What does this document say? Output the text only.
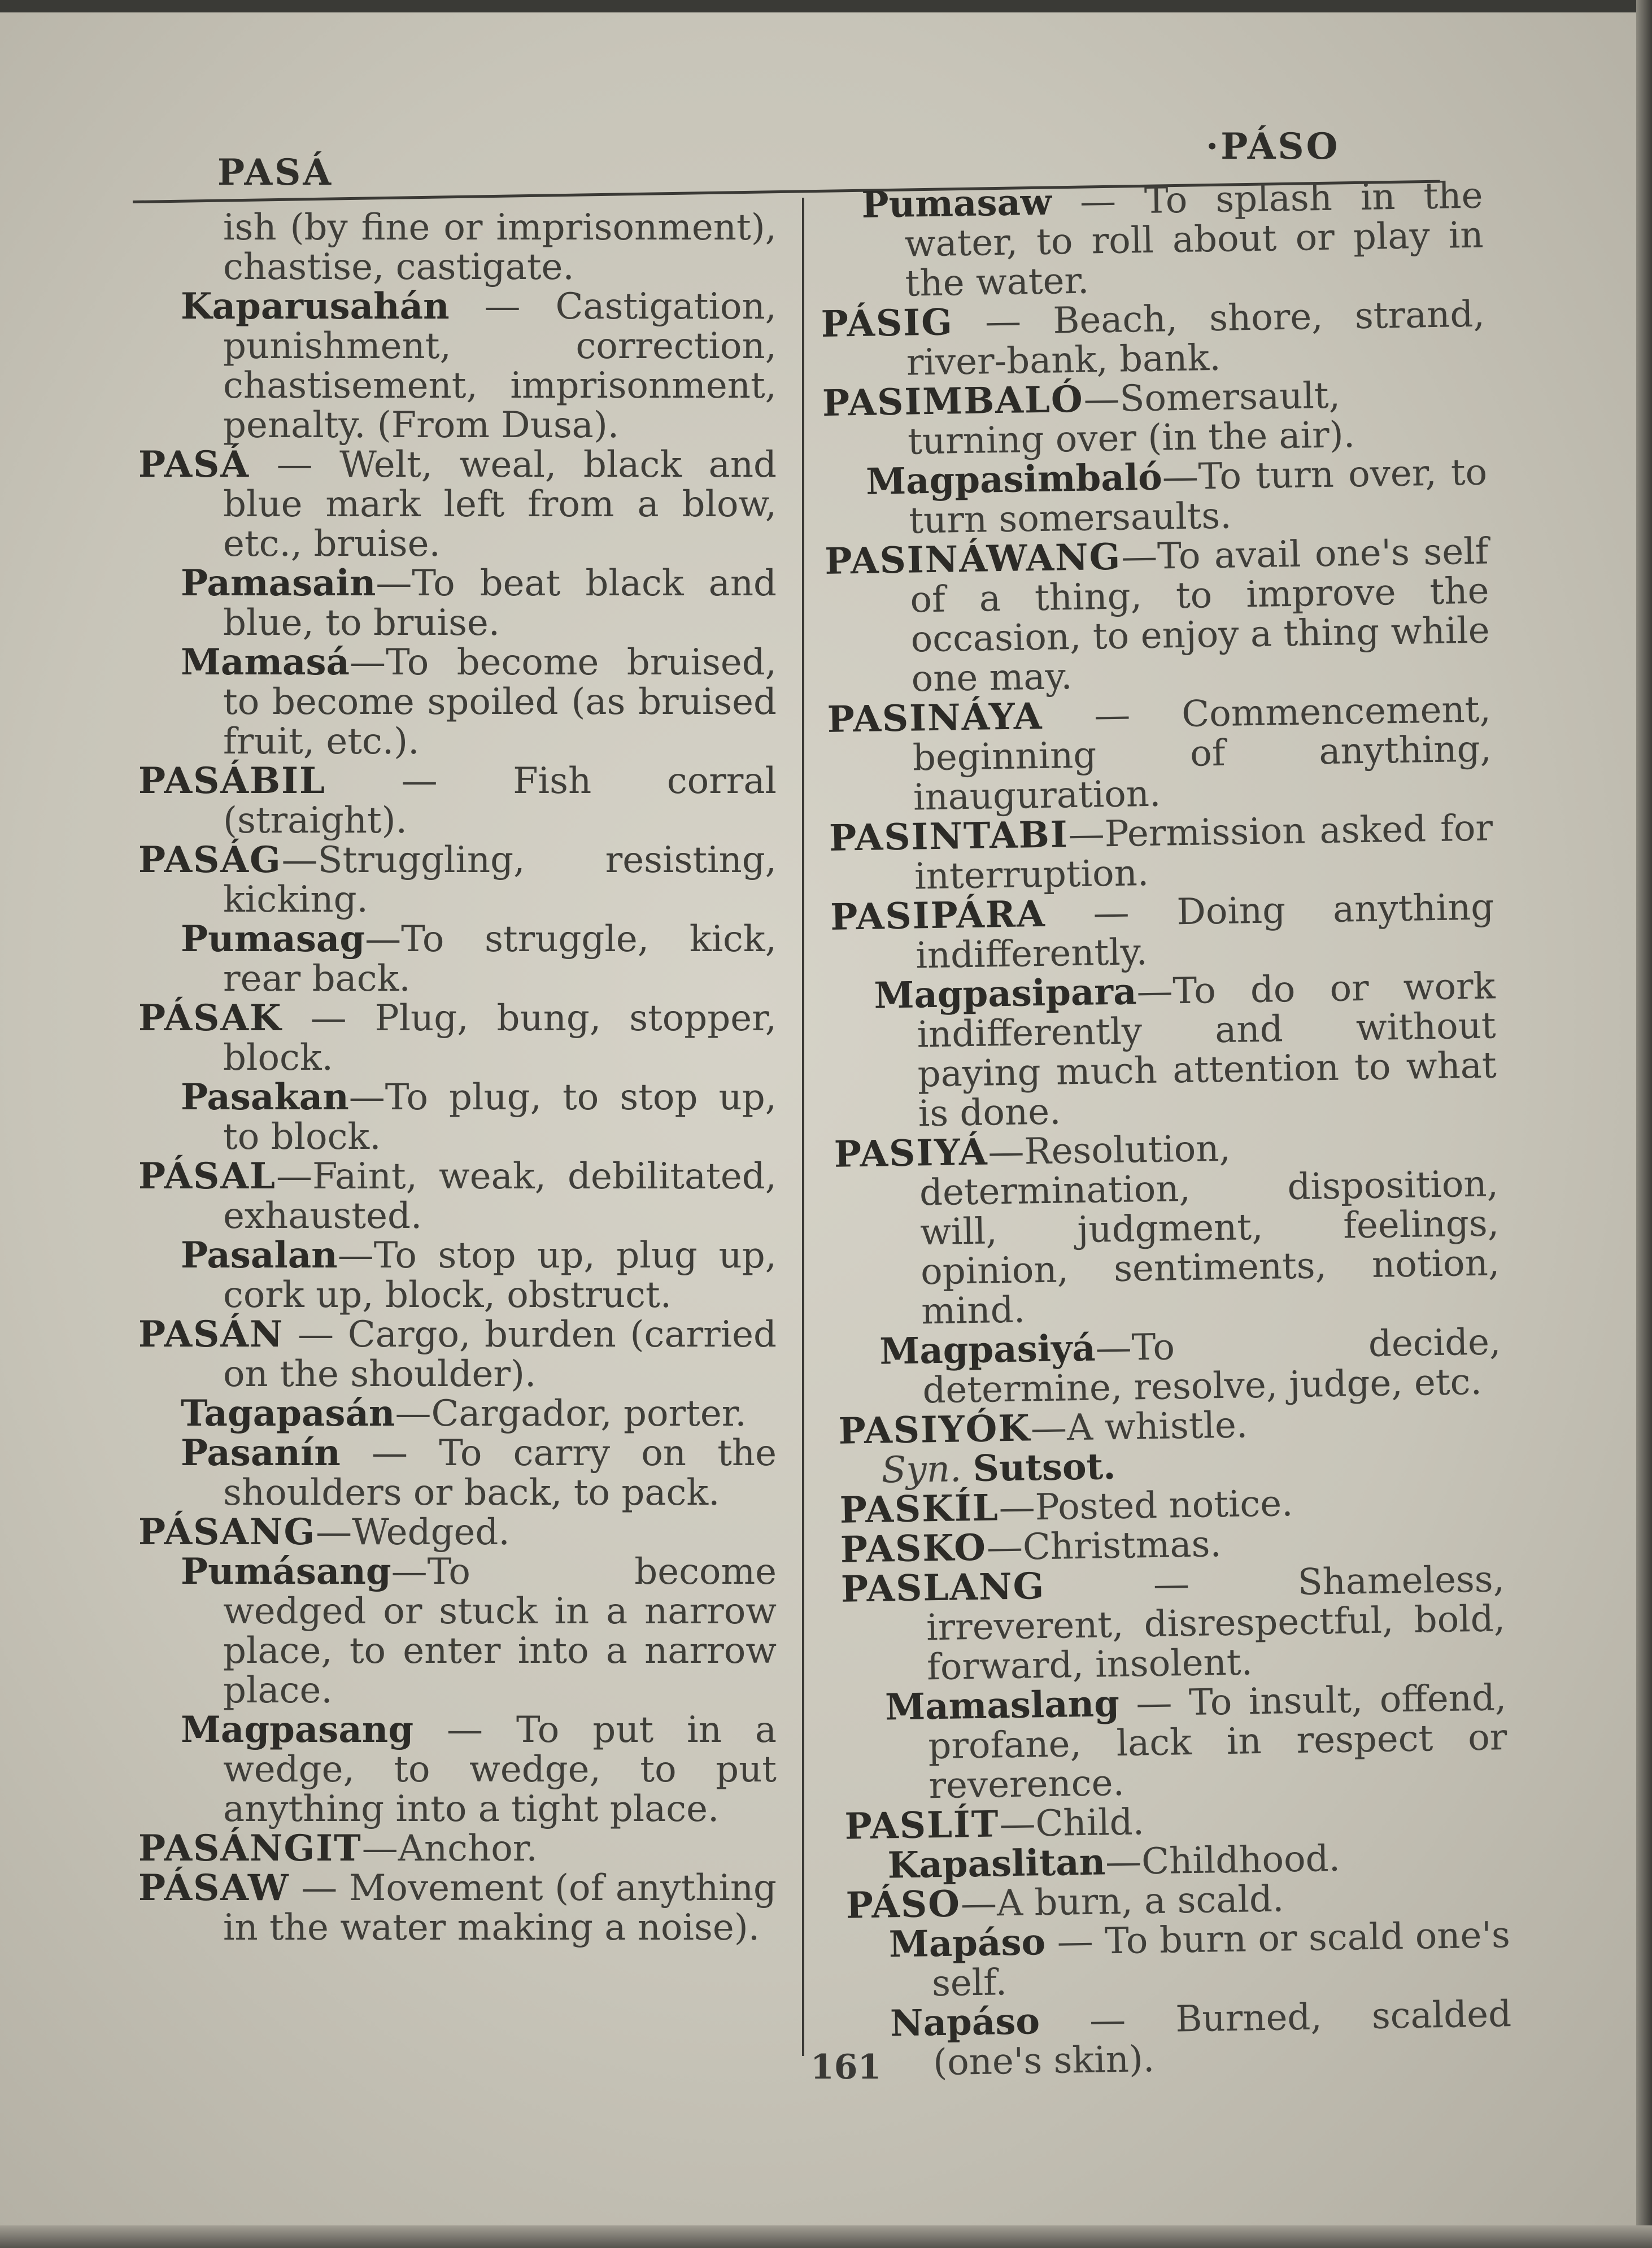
PASÁ
·PÁSO

ish (by fine or imprisonment), chastise, castigate.

Kaparusahán — Castigation, punishment, correction, chastisement, imprisonment, penalty. (From Dusa).

PASÁ — Welt, weal, black and blue mark left from a blow, etc., bruise.

Pamasain—To beat black and blue, to bruise.

Mamasá—To become bruised, to become spoiled (as bruised fruit, etc.).

PASÁBIL — Fish corral (straight).

PASÁG—Struggling, resisting, kicking.

Pumasag—To struggle, kick, rear back.

PÁSAK — Plug, bung, stopper, block.

Pasakan—To plug, to stop up, to block.

PÁSAL—Faint, weak, debilitated, exhausted.

Pasalan—To stop up, plug up, cork up, block, obstruct.

PASÁN — Cargo, burden (carried on the shoulder).

Tagapasán—Cargador, porter.

Pasanín — To carry on the shoulders or back, to pack.

PÁSANG—Wedged.

Pumásang—To become wedged or stuck in a narrow place, to enter into a narrow place.

Magpasang — To put in a wedge, to wedge, to put anything into a tight place.

PASÁNGIT—Anchor.

PÁSAW — Movement (of anything in the water making a noise).

Pumasaw — To splash in the water, to roll about or play in the water.

PÁSIG — Beach, shore, strand, river-bank, bank.

PASIMBALÓ—Somersault, turning over (in the air).

Magpasimbaló—To turn over, to turn somersaults.

PASINÁWANG—To avail one's self of a thing, to improve the occasion, to enjoy a thing while one may.

PASINÁYA — Commencement, beginning of anything, inauguration.

PASINTABI—Permission asked for interruption.

PASIPÁRA — Doing anything indifferently.

Magpasipara—To do or work indifferently and without paying much attention to what is done.

PASIYÁ—Resolution, determination, disposition, will, judgment, feelings, opinion, sentiments, notion, mind.

Magpasiyá—To decide, determine, resolve, judge, etc.

PASIYÓK—A whistle.

Syn. Sutsot.

PASKÍL—Posted notice.

PASKO—Christmas.

PASLANG — Shameless, irreverent, disrespectful, bold, forward, insolent.

Mamaslang — To insult, offend, profane, lack in respect or reverence.

PASLÍT—Child.

Kapaslitan—Childhood.

PÁSO—A burn, a scald.

Mapáso — To burn or scald one's self.

Napáso — Burned, scalded (one's skin).

161
